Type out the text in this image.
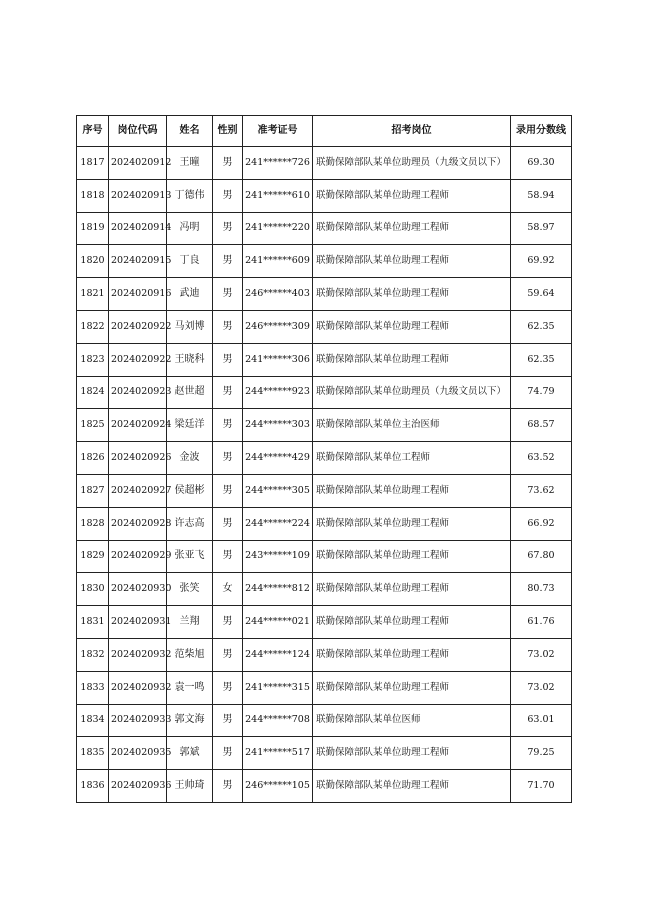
序号	岗位代码	姓名	性别	准考证号	招考岗位	录用分数线
1817	2024020912	王曈	男	241******726	联勤保障部队某单位助理员（九级文员以下）	69.30
1818	2024020913	丁德伟	男	241******610	联勤保障部队某单位助理工程师	58.94
1819	2024020914	冯明	男	241******220	联勤保障部队某单位助理工程师	58.97
1820	2024020915	丁良	男	241******609	联勤保障部队某单位助理工程师	69.92
1821	2024020916	武迪	男	246******403	联勤保障部队某单位助理工程师	59.64
1822	2024020922	马刘博	男	246******309	联勤保障部队某单位助理工程师	62.35
1823	2024020922	王晓科	男	241******306	联勤保障部队某单位助理工程师	62.35
1824	2024020923	赵世超	男	244******923	联勤保障部队某单位助理员（九级文员以下）	74.79
1825	2024020924	梁廷洋	男	244******303	联勤保障部队某单位主治医师	68.57
1826	2024020926	金波	男	244******429	联勤保障部队某单位工程师	63.52
1827	2024020927	侯超彬	男	244******305	联勤保障部队某单位助理工程师	73.62
1828	2024020928	许志高	男	244******224	联勤保障部队某单位助理工程师	66.92
1829	2024020929	张亚飞	男	243******109	联勤保障部队某单位助理工程师	67.80
1830	2024020930	张笑	女	244******812	联勤保障部队某单位助理工程师	80.73
1831	2024020931	兰翔	男	244******021	联勤保障部队某单位助理工程师	61.76
1832	2024020932	范柴旭	男	244******124	联勤保障部队某单位助理工程师	73.02
1833	2024020932	袁一鸣	男	241******315	联勤保障部队某单位助理工程师	73.02
1834	2024020933	郭文海	男	244******708	联勤保障部队某单位医师	63.01
1835	2024020935	郭斌	男	241******517	联勤保障部队某单位助理工程师	79.25
1836	2024020936	王帅琦	男	246******105	联勤保障部队某单位助理工程师	71.70
